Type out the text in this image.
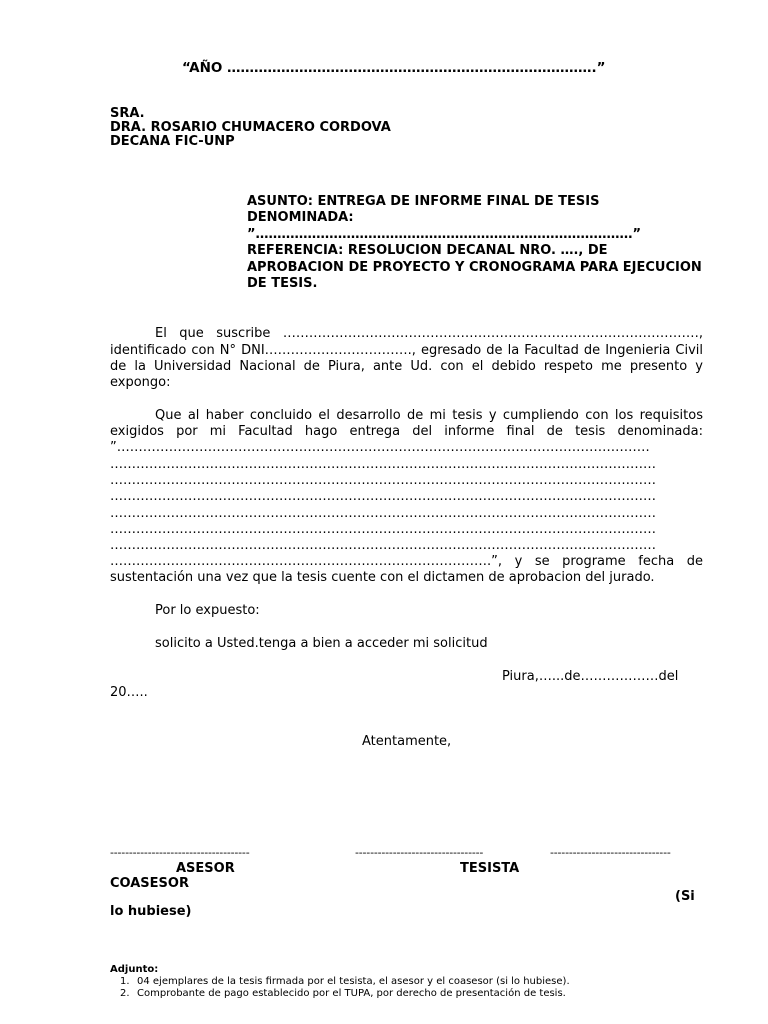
“AÑO ……………………………………………………………………….”
SRA.
DRA. ROSARIO CHUMACERO CORDOVA
DECANA FIC-UNP
ASUNTO: ENTREGA DE INFORME FINAL DE TESIS
DENOMINADA:
”……………………………………………………………………………”
REFERENCIA: RESOLUCION DECANAL NRO. …., DE
APROBACION DE PROYECTO Y CRONOGRAMA PARA EJECUCION
DE TESIS.
El que suscribe ……………………………………………………………………………………,
identificado con N° DNI……………………………., egresado de la Facultad de Ingenieria Civil
de la Universidad Nacional de Piura, ante Ud. con el debido respeto me presento y
expongo:
Que al haber concluido el desarrollo de mi tesis y cumpliendo con los requisitos
exigidos por mi Facultad hago entrega del informe final de tesis denominada:
”……………………………………………………………………………………………………………
………………………………………………………………………………………………………………
………………………………………………………………………………………………………………
………………………………………………………………………………………………………………
………………………………………………………………………………………………………………
………………………………………………………………………………………………………………
………………………………………………………………………………………………………………
…………………………………………………………………………….”, y se programe fecha de
sustentación una vez que la tesis cuente con el dictamen de aprobacion del jurado.
Por lo expuesto:
solicito a Usted.tenga a bien a acceder mi solicitud
Piura,…...de………………del
20…..
Atentamente,
-------------------------------------	----------------------------------	--------------------------------
ASESOR	TESISTA
COASESOR
(Si
lo hubiese)
Adjunto:
1. 04 ejemplares de la tesis firmada por el tesista, el asesor y el coasesor (si lo hubiese).
2. Comprobante de pago establecido por el TUPA, por derecho de presentación de tesis.
